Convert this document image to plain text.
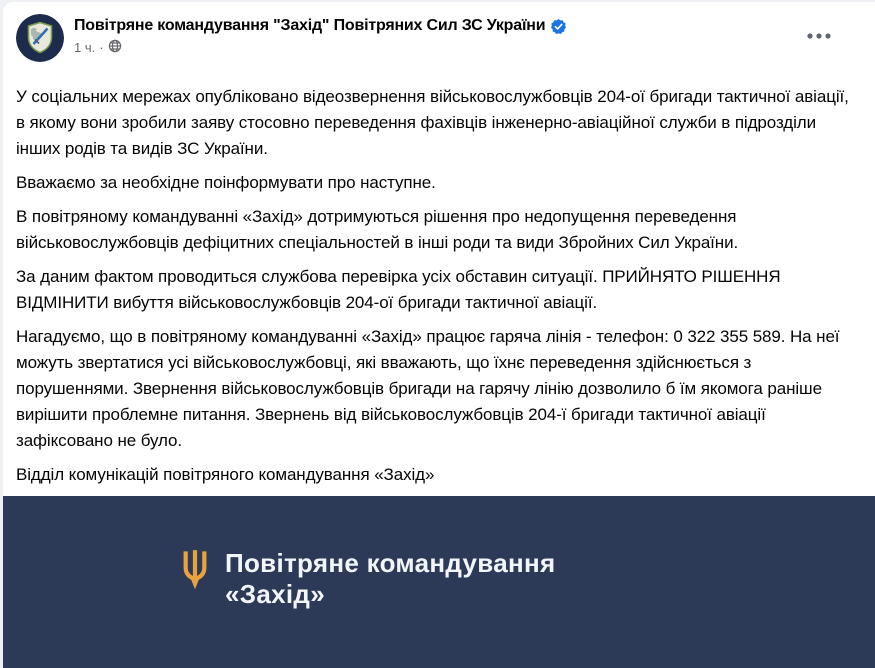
Повітряне командування "Захід" Повітряних Сил ЗС України
1 ч. ·

У соціальних мережах опубліковано відеозвернення військовослужбовців 204-ої бригади тактичної авіації, в якому вони зробили заяву стосовно переведення фахівців інженерно-авіаційної служби в підрозділи інших родів та видів ЗС України.

Вважаємо за необхідне поінформувати про наступне.

В повітряному командуванні «Захід» дотримуються рішення про недопущення переведення військовослужбовців дефіцитних спеціальностей в інші роди та види Збройних Сил України.

За даним фактом проводиться службова перевірка усіх обставин ситуації. ПРИЙНЯТО РІШЕННЯ ВІДМІНИТИ вибуття військовослужбовців 204-ої бригади тактичної авіації.

Нагадуємо, що в повітряному командуванні «Захід» працює гаряча лінія - телефон: 0 322 355 589. На неї можуть звертатися усі військовослужбовці, які вважають, що їхнє переведення здійснюється з порушеннями. Звернення військовослужбовців бригади на гарячу лінію дозволило б їм якомога раніше вирішити проблемне питання. Звернень від військовослужбовців 204-ї бригади тактичної авіації зафіксовано не було.

Відділ комунікацій повітряного командування «Захід»

Повітряне командування
«Захід»
